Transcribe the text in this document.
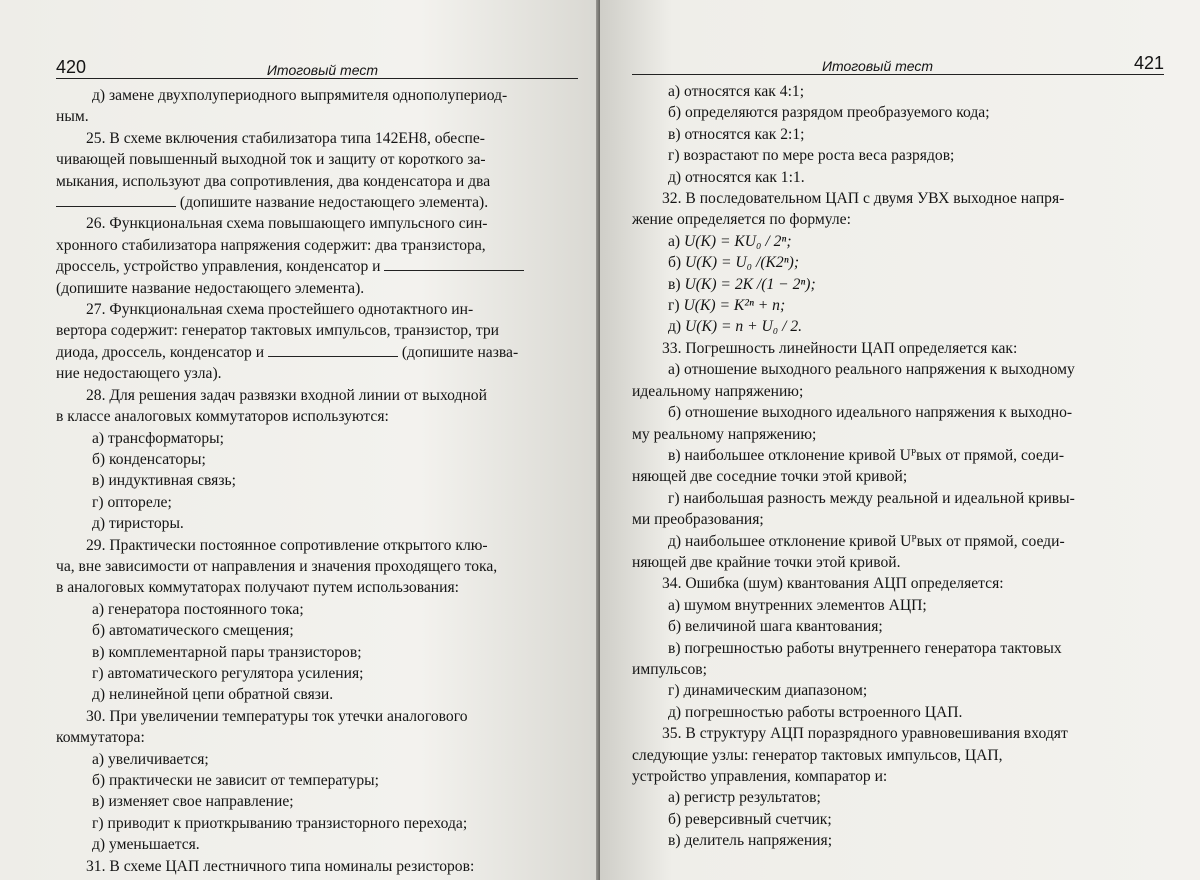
420	Итоговый тест

д) замене двухполупериодного выпрямителя однополупериод-

ным.

25. В схеме включения стабилизатора типа 142ЕН8, обеспе-

чивающей повышенный выходной ток и защиту от короткого за-

мыкания, используют два сопротивления, два конденсатора и два

(допишите название недостающего элемента).

26. Функциональная схема повышающего импульсного син-

хронного стабилизатора напряжения содержит: два транзистора,

дроссель, устройство управления, конденсатор и

(допишите название недостающего элемента).

27. Функциональная схема простейшего однотактного ин-

вертора содержит: генератор тактовых импульсов, транзистор, три

диода, дроссель, конденсатор и	(допишите назва-

ние недостающего узла).

28. Для решения задач развязки входной линии от выходной

в классе аналоговых коммутаторов используются:

а) трансформаторы;

б) конденсаторы;

в) индуктивная связь;

г) оптореле;

д) тиристоры.

29. Практически постоянное сопротивление открытого клю-

ча, вне зависимости от направления и значения проходящего тока,

в аналоговых коммутаторах получают путем использования:

а) генератора постоянного тока;

б) автоматического смещения;

в) комплементарной пары транзисторов;

г) автоматического регулятора усиления;

д) нелинейной цепи обратной связи.

30. При увеличении температуры ток утечки аналогового

коммутатора:

а) увеличивается;

б) практически не зависит от температуры;

в) изменяет свое направление;

г) приводит к приоткрыванию транзисторного перехода;

д) уменьшается.

31. В схеме ЦАП лестничного типа номиналы резисторов:

Итоговый тест	421

а) относятся как 4:1;

б) определяются разрядом преобразуемого кода;

в) относятся как 2:1;

г) возрастают по мере роста веса разрядов;

д) относятся как 1:1.

32. В последовательном ЦАП с двумя УВХ выходное напря-

жение определяется по формуле:

а) U(K) = KU₀ / 2ⁿ;

б) U(K) = U₀ /(K2ⁿ);

в) U(K) = 2K /(1 − 2ⁿ);

г) U(K) = K²ⁿ + n;

д) U(K) = n + U₀ / 2.

33. Погрешность линейности ЦАП определяется как:

а) отношение выходного реального напряжения к выходному

идеальному напряжению;

б) отношение выходного идеального напряжения к выходно-

му реальному напряжению;

в) наибольшее отклонение кривой Uᴾвых от прямой, соеди-

няющей две соседние точки этой кривой;

г) наибольшая разность между реальной и идеальной кривы-

ми преобразования;

д) наибольшее отклонение кривой Uᴾвых от прямой, соеди-

няющей две крайние точки этой кривой.

34. Ошибка (шум) квантования АЦП определяется:

а) шумом внутренних элементов АЦП;

б) величиной шага квантования;

в) погрешностью работы внутреннего генератора тактовых

импульсов;

г) динамическим диапазоном;

д) погрешностью работы встроенного ЦАП.

35. В структуру АЦП поразрядного уравновешивания входят

следующие узлы: генератор тактовых импульсов, ЦАП,

устройство управления, компаратор и:

а) регистр результатов;

б) реверсивный счетчик;

в) делитель напряжения;
